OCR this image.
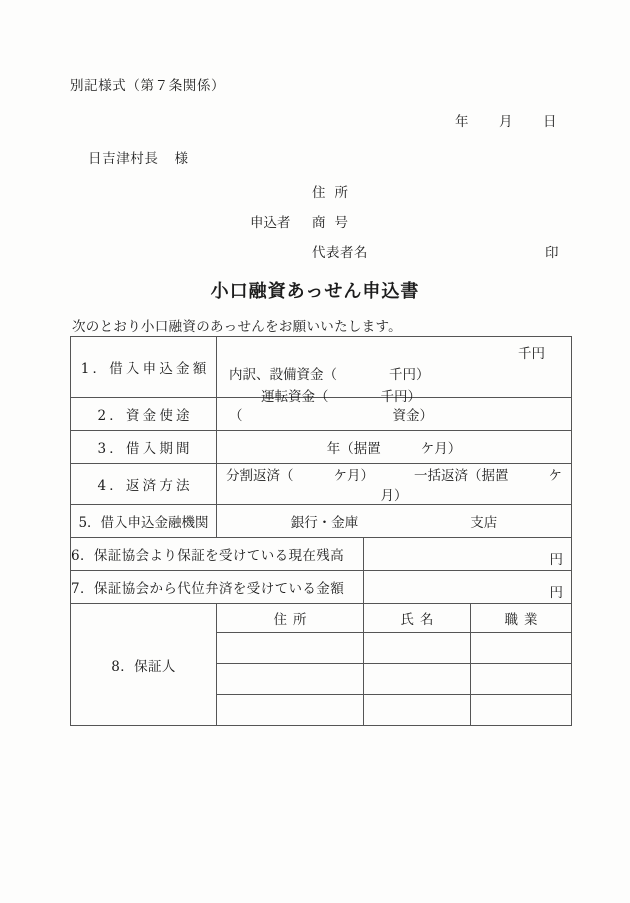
別記様式（第７条関係）
年 月 日
日吉津村長 様
住所
申込者 商号
代表者名	印
小口融資あっせん申込書
次のとおり小口融資のあっせんをお願いいたします。
1．借入申込金額	千円
内訳、設備資金（ 千円）
運転資金（ 千円）		

2．資金使途	（ 資金）		
3．借入期間	年（据置 ケ月）		
4．返済方法	分割返済（ ケ月） 一括返済（据置 ケ月）		
5．借入申込金融機関	銀行・金庫 支店		
6．保証協会より保証を受けている現在残高		円	

7．保証協会から代位弁済を受けている金額		円	

8．保証人	住所	氏名	職業
